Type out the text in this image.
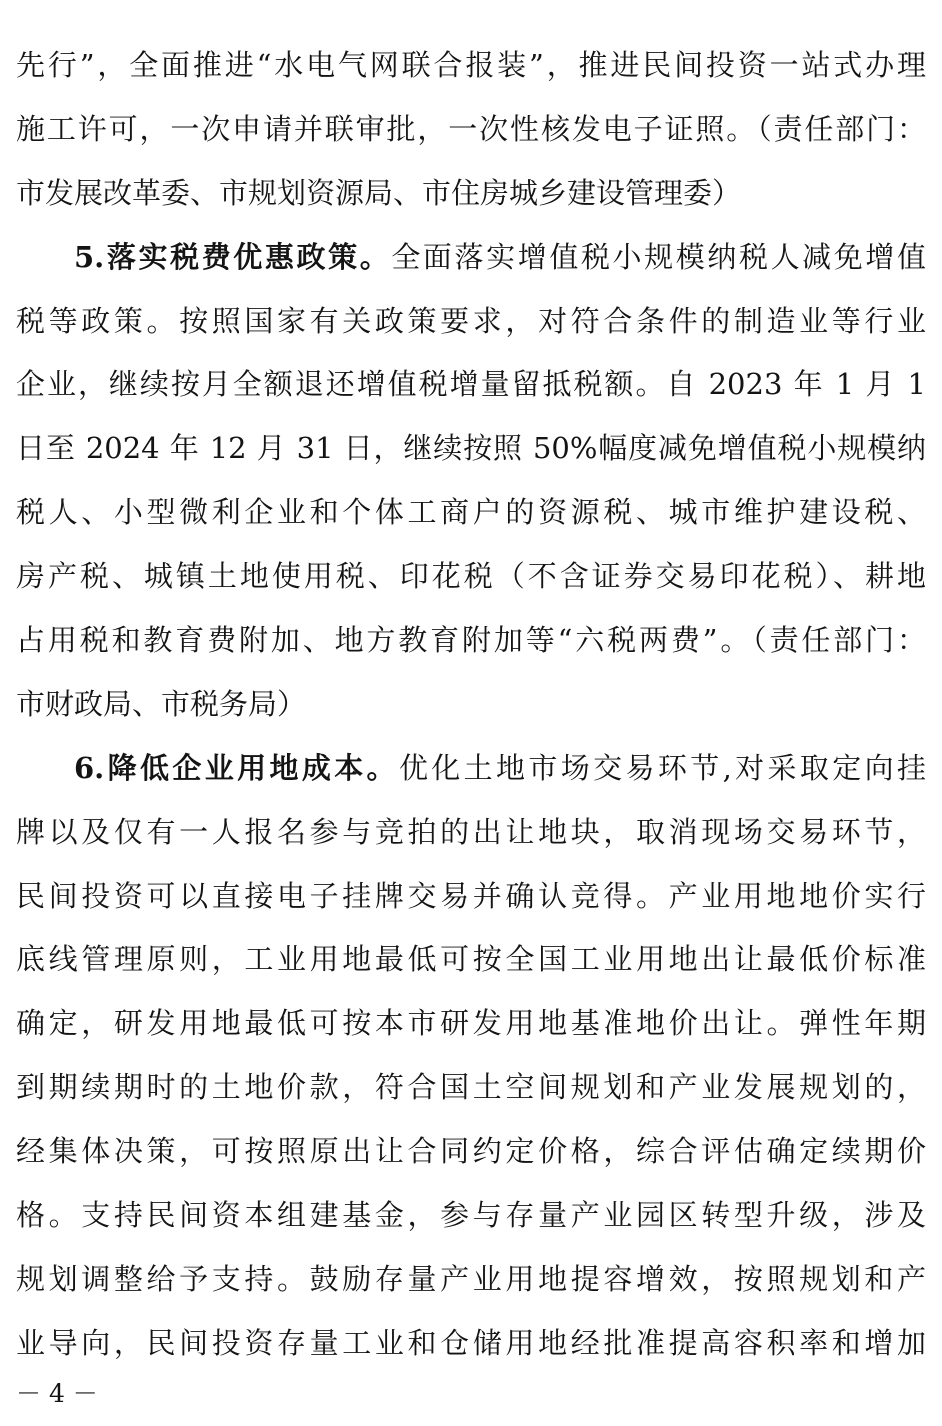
先行”，全面推进“水电气网联合报装”，推进民间投资一站式办理
施工许可，一次申请并联审批，一次性核发电子证照。（责任部门：
市发展改革委、市规划资源局、市住房城乡建设管理委）
5.落实税费优惠政策。全面落实增值税小规模纳税人减免增值
税等政策。按照国家有关政策要求，对符合条件的制造业等行业
企业，继续按月全额退还增值税增量留抵税额。自 2023 年 1 月 1
日至 2024 年 12 月 31 日，继续按照 50%幅度减免增值税小规模纳
税人、小型微利企业和个体工商户的资源税、城市维护建设税、
房产税、城镇土地使用税、印花税（不含证券交易印花税）、耕地
占用税和教育费附加、地方教育附加等“六税两费”。（责任部门：
市财政局、市税务局）
6.降低企业用地成本。优化土地市场交易环节,对采取定向挂
牌以及仅有一人报名参与竞拍的出让地块，取消现场交易环节，
民间投资可以直接电子挂牌交易并确认竞得。产业用地地价实行
底线管理原则，工业用地最低可按全国工业用地出让最低价标准
确定，研发用地最低可按本市研发用地基准地价出让。弹性年期
到期续期时的土地价款，符合国土空间规划和产业发展规划的，
经集体决策，可按照原出让合同约定价格，综合评估确定续期价
格。支持民间资本组建基金，参与存量产业园区转型升级，涉及
规划调整给予支持。鼓励存量产业用地提容增效，按照规划和产
业导向，民间投资存量工业和仓储用地经批准提高容积率和增加
－ 4 －
